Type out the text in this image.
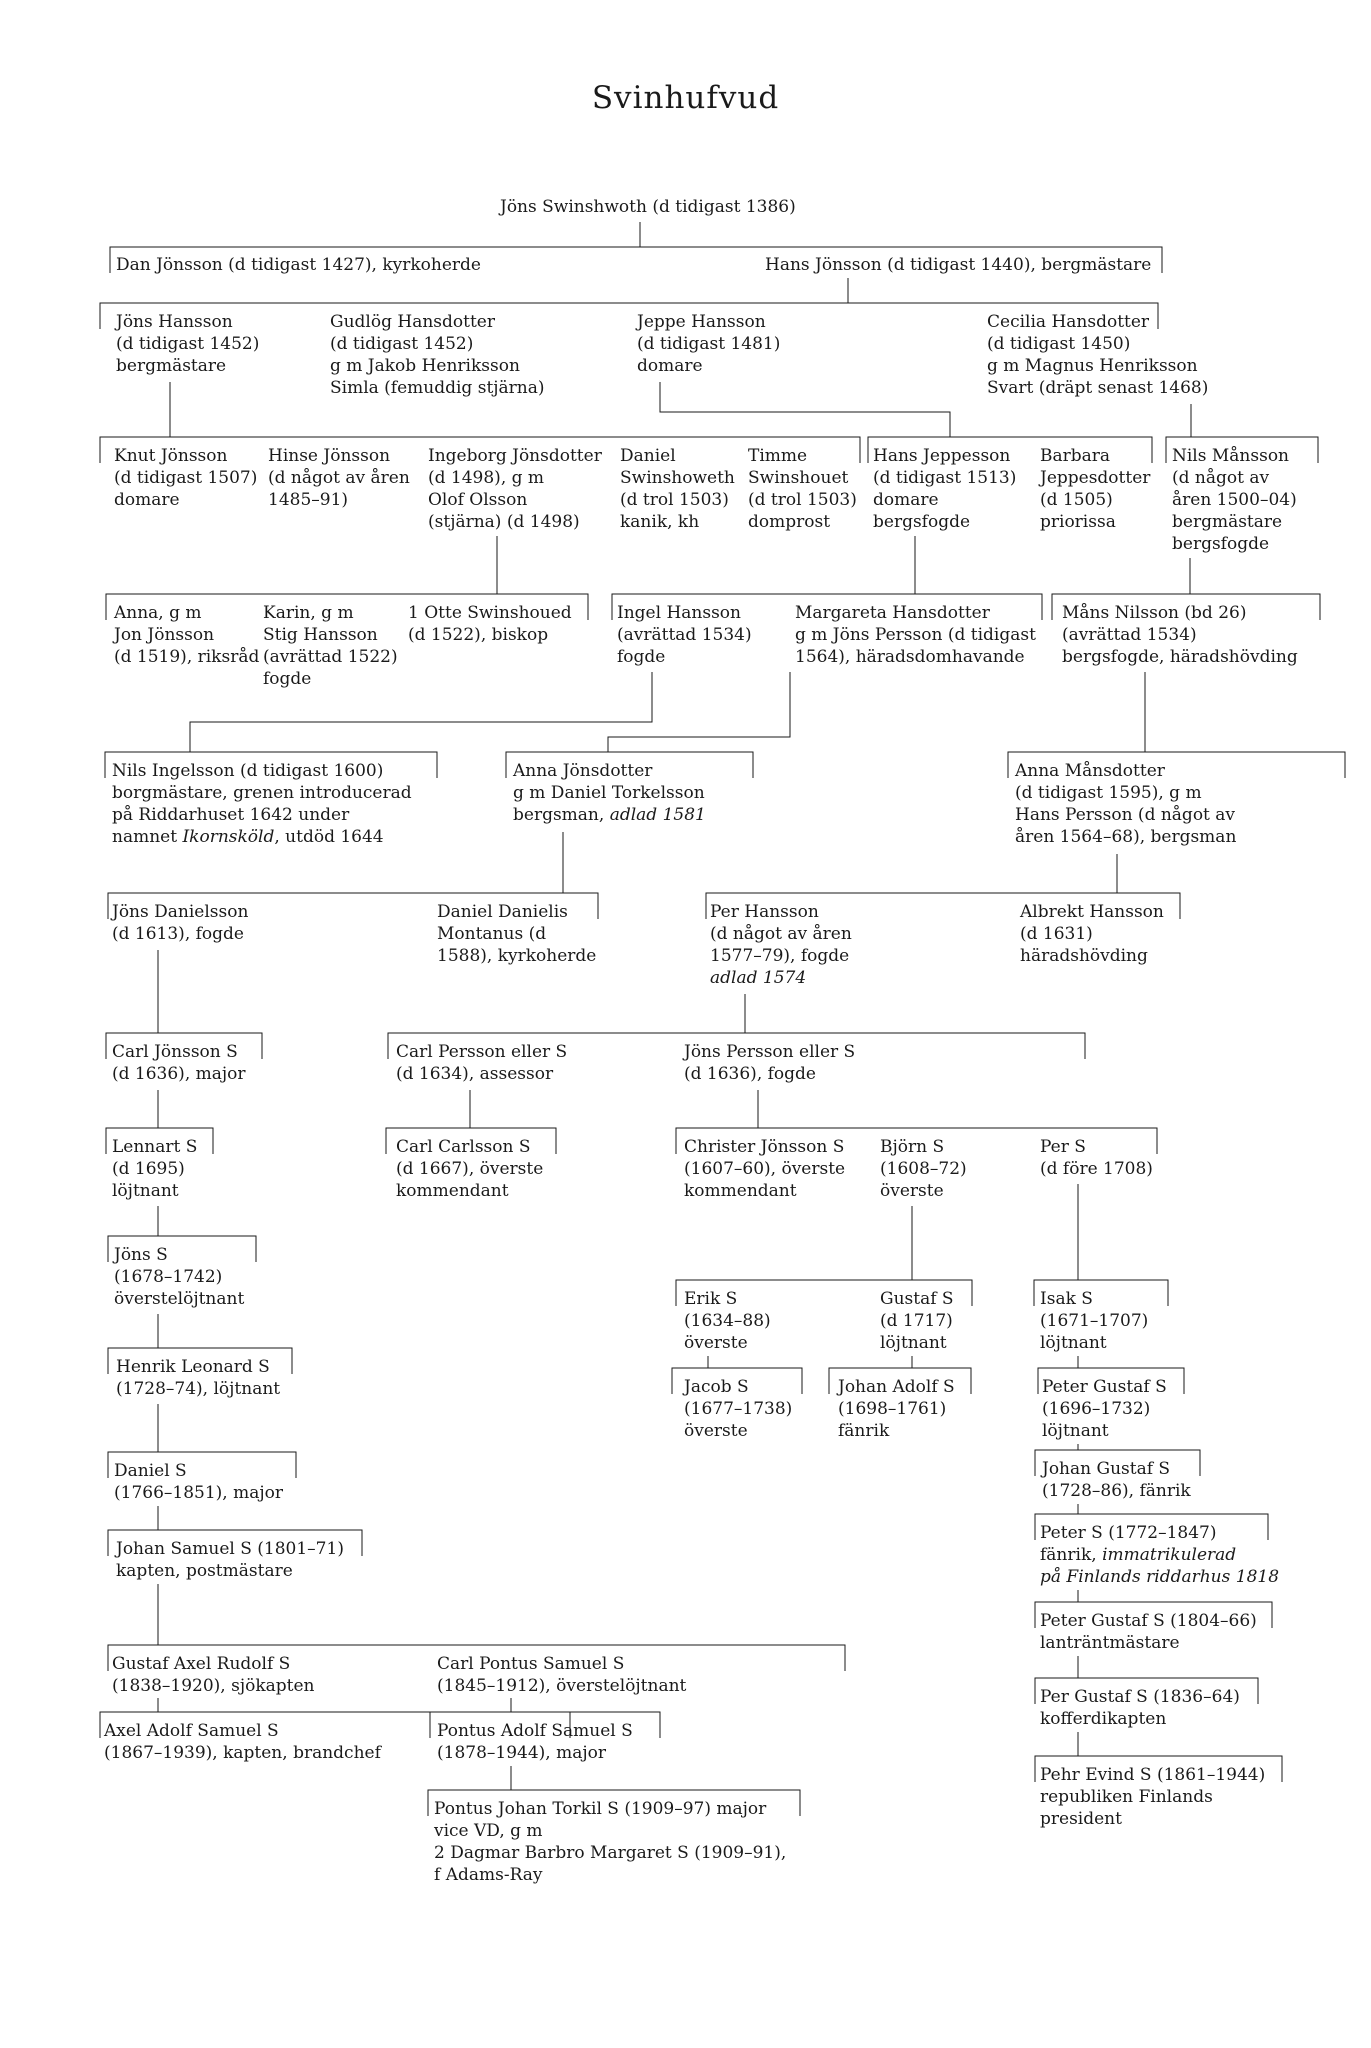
Svinhufvud
Jöns Swinshwoth (d tidigast 1386)
Dan Jönsson (d tidigast 1427), kyrkoherde	Hans Jönsson (d tidigast 1440), bergmästare
Jöns Hansson
(d tidigast 1452)
bergmästare
Gudlög Hansdotter
(d tidigast 1452)
g m Jakob Henriksson
Simla (femuddig stjärna)
Jeppe Hansson
(d tidigast 1481)
domare
Cecilia Hansdotter
(d tidigast 1450)
g m Magnus Henriksson
Svart (dräpt senast 1468)
Knut Jönsson
(d tidigast 1507)
domare
Hinse Jönsson
(d något av åren
1485–91)
Ingeborg Jönsdotter
(d 1498), g m
Olof Olsson
(stjärna) (d 1498)
Daniel
Swinshoweth
(d trol 1503)
kanik, kh
Timme
Swinshouet
(d trol 1503)
domprost
Hans Jeppesson
(d tidigast 1513)
domare
bergsfogde
Barbara
Jeppesdotter
(d 1505)
priorissa
Nils Månsson
(d något av
åren 1500–04)
bergmästare
bergsfogde
Anna, g m
Jon Jönsson
(d 1519), riksråd
Karin, g m
Stig Hansson
(avrättad 1522)
fogde
1 Otte Swinshoued
(d 1522), biskop
Ingel Hansson
(avrättad 1534)
fogde
Margareta Hansdotter
g m Jöns Persson (d tidigast
1564), häradsdomhavande
Måns Nilsson (bd 26)
(avrättad 1534)
bergsfogde, häradshövding
Nils Ingelsson (d tidigast 1600)
borgmästare, grenen introducerad
på Riddarhuset 1642 under
namnet Ikornsköld, utdöd 1644
Anna Jönsdotter
g m Daniel Torkelsson
bergsman, adlad 1581
Anna Månsdotter
(d tidigast 1595), g m
Hans Persson (d något av
åren 1564–68), bergsman
Jöns Danielsson
(d 1613), fogde
Daniel Danielis
Montanus (d
1588), kyrkoherde
Per Hansson
(d något av åren
1577–79), fogde
adlad 1574
Albrekt Hansson
(d 1631)
häradshövding
Carl Jönsson S
(d 1636), major
Carl Persson eller S
(d 1634), assessor
Jöns Persson eller S
(d 1636), fogde
Lennart S
(d 1695)
löjtnant
Carl Carlsson S
(d 1667), överste
kommendant
Christer Jönsson S
(1607–60), överste
kommendant
Björn S
(1608–72)
överste
Per S
(d före 1708)
Jöns S
(1678–1742)
överstelöjtnant	Erik S
(1634–88)
överste
Gustaf S
(d 1717)
löjtnant
Isak S
(1671–1707)
löjtnant
Henrik Leonard S
(1728–74), löjtnant	Jacob S
(1677–1738)
överste
Johan Adolf S
(1698–1761)
fänrik
Peter Gustaf S
(1696–1732)
löjtnant
Daniel S
(1766–1851), major
Johan Gustaf S
(1728–86), fänrik
Johan Samuel S (1801–71)
kapten, postmästare
Peter S (1772–1847)
fänrik, immatrikulerad
på Finlands riddarhus 1818
Gustaf Axel Rudolf S
(1838–1920), sjökapten
Carl Pontus Samuel S
(1845–1912), överstelöjtnant
Peter Gustaf S (1804–66)
lanträntmästare
Axel Adolf Samuel S
(1867–1939), kapten, brandchef
Pontus Adolf Samuel S
(1878–1944), major
Per Gustaf S (1836–64)
kofferdikapten
Pehr Evind S (1861–1944)
republiken Finlands
president
Pontus Johan Torkil S (1909–97) major
vice VD, g m
2 Dagmar Barbro Margaret S (1909–91),
f Adams-Ray
